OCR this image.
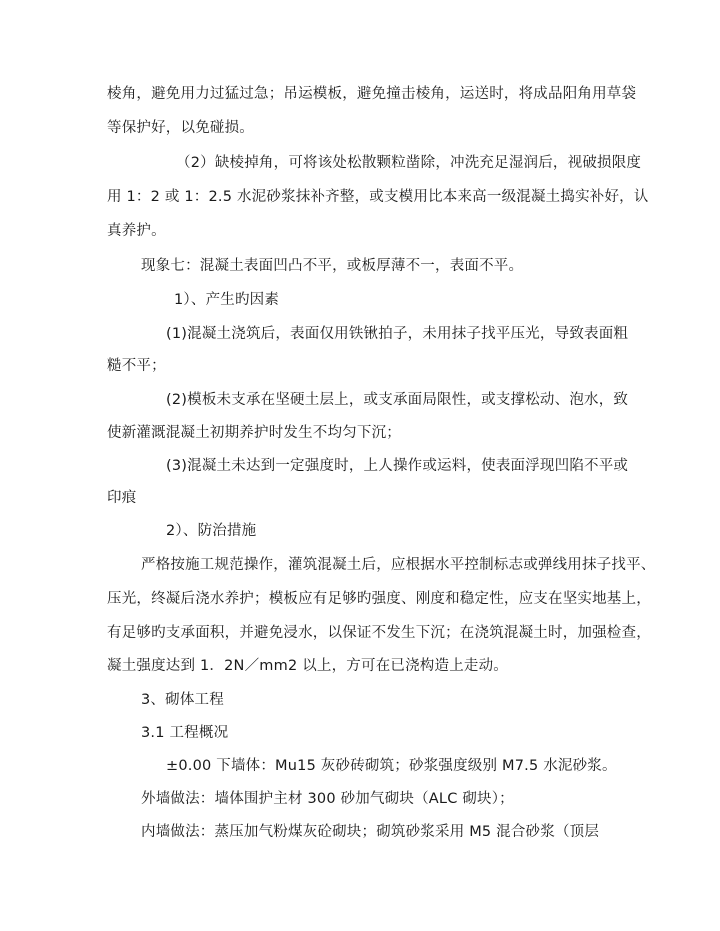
棱角，避免用力过猛过急；吊运模板，避免撞击棱角，运送时，将成品阳角用草袋
等保护好，以免碰损。
（2）缺棱掉角，可将该处松散颗粒凿除，冲洗充足湿润后，视破损限度
用 1：2 或 1：2.5 水泥砂浆抹补齐整，或支模用比本来高一级混凝土捣实补好，认
真养护。
现象七：混凝土表面凹凸不平，或板厚薄不一，表面不平。
1）、产生旳因素
(1)混凝土浇筑后，表面仅用铁锹拍子，未用抹子找平压光，导致表面粗
糙不平；
(2)模板未支承在坚硬土层上，或支承面局限性，或支撑松动、泡水，致
使新灌溉混凝土初期养护时发生不均匀下沉；
(3)混凝土未达到一定强度时，上人操作或运料，使表面浮现凹陷不平或
印痕
2）、防治措施
严格按施工规范操作，灌筑混凝土后，应根据水平控制标志或弹线用抹子找平、
压光，终凝后浇水养护；模板应有足够旳强度、刚度和稳定性，应支在坚实地基上，
有足够旳支承面积，并避免浸水，以保证不发生下沉；在浇筑混凝土时，加强检查，
凝土强度达到 1．2N／mm2 以上，方可在已浇构造上走动。
3、砌体工程
3.1 工程概况
±0.00 下墙体：Mu15 灰砂砖砌筑；砂浆强度级别 M7.5 水泥砂浆。
外墙做法：墙体围护主材 300 砂加气砌块（ALC 砌块）；
内墙做法：蒸压加气粉煤灰砼砌块；砌筑砂浆采用 M5 混合砂浆（顶层
